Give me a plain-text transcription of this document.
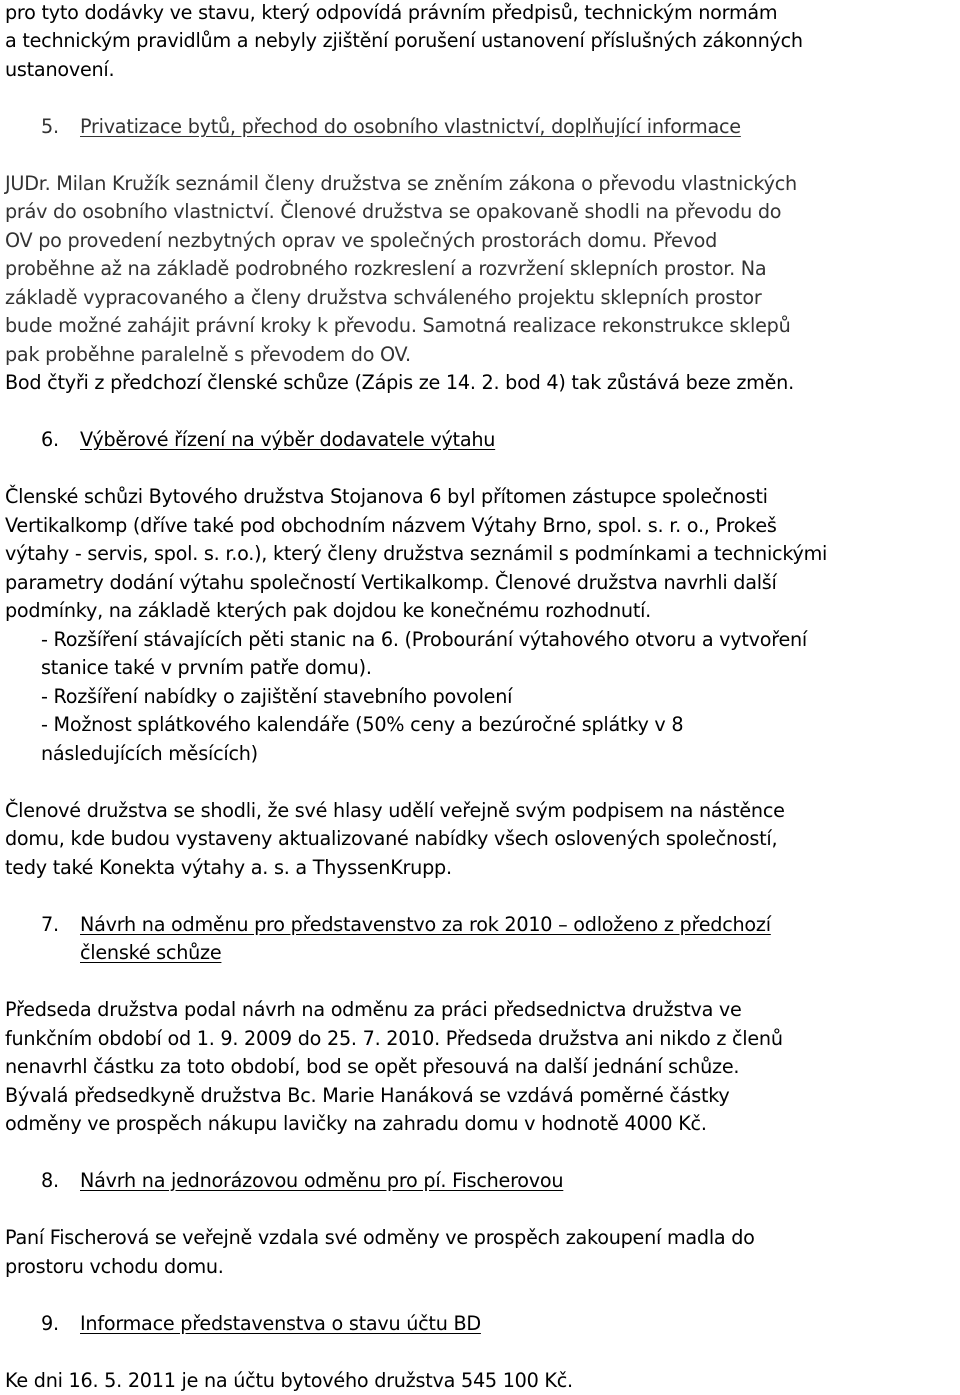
pro tyto dodávky ve stavu, který odpovídá právním předpisů, technickým normám
a technickým pravidlům a nebyly zjištění porušení ustanovení příslušných zákonných
ustanovení.
5. Privatizace bytů, přechod do osobního vlastnictví, doplňující informace
JUDr. Milan Kružík seznámil členy družstva se zněním zákona o převodu vlastnických
práv do osobního vlastnictví. Členové družstva se opakovaně shodli na převodu do
OV po provedení nezbytných oprav ve společných prostorách domu. Převod
proběhne až na základě podrobného rozkreslení a rozvržení sklepních prostor. Na
základě vypracovaného a členy družstva schváleného projektu sklepních prostor
bude možné zahájit právní kroky k převodu. Samotná realizace rekonstrukce sklepů
pak proběhne paralelně s převodem do OV.
Bod čtyři z předchozí členské schůze (Zápis ze 14. 2. bod 4) tak zůstává beze změn.
6. Výběrové řízení na výběr dodavatele výtahu
Členské schůzi Bytového družstva Stojanova 6 byl přítomen zástupce společnosti
Vertikalkomp (dříve také pod obchodním názvem Výtahy Brno, spol. s. r. o., Prokeš
výtahy - servis, spol. s. r.o.), který členy družstva seznámil s podmínkami a technickými
parametry dodání výtahu společností Vertikalkomp. Členové družstva navrhli další
podmínky, na základě kterých pak dojdou ke konečnému rozhodnutí.
- Rozšíření stávajících pěti stanic na 6. (Probourání výtahového otvoru a vytvoření
stanice také v prvním patře domu).
- Rozšíření nabídky o zajištění stavebního povolení
- Možnost splátkového kalendáře (50% ceny a bezúročné splátky v 8
následujících měsících)
Členové družstva se shodli, že své hlasy udělí veřejně svým podpisem na nástěnce
domu, kde budou vystaveny aktualizované nabídky všech oslovených společností,
tedy také Konekta výtahy a. s. a ThyssenKrupp.
7. Návrh na odměnu pro představenstvo za rok 2010 – odloženo z předchozí
členské schůze
Předseda družstva podal návrh na odměnu za práci předsednictva družstva ve
funkčním období od 1. 9. 2009 do 25. 7. 2010. Předseda družstva ani nikdo z členů
nenavrhl částku za toto období, bod se opět přesouvá na další jednání schůze.
Bývalá předsedkyně družstva Bc. Marie Hanáková se vzdává poměrné částky
odměny ve prospěch nákupu lavičky na zahradu domu v hodnotě 4000 Kč.
8. Návrh na jednorázovou odměnu pro pí. Fischerovou
Paní Fischerová se veřejně vzdala své odměny ve prospěch zakoupení madla do
prostoru vchodu domu.
9. Informace představenstva o stavu účtu BD
Ke dni 16. 5. 2011 je na účtu bytového družstva 545 100 Kč.
